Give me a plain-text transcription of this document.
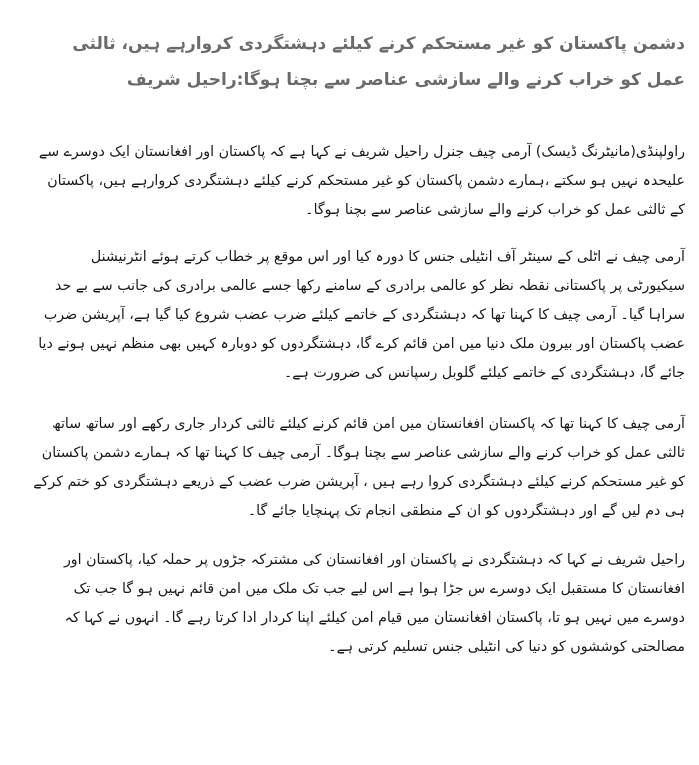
دشمن پاکستان کو غیر مستحکم کرنے کیلئے دہشتگردی کروارہے ہیں، ثالثی عمل کو خراب کرنے والے سازشی عناصر سے بچنا ہوگا:راحیل شریف

راولپنڈی(مانیٹرنگ ڈیسک) آرمی چیف جنرل راحیل شریف نے کہا ہے کہ پاکستان اور افغانستان ایک دوسرے سے علیحدہ نہیں ہو سکتے ،ہمارے دشمن پاکستان کو غیر مستحکم کرنے کیلئے دہشتگردی کروارہے ہیں، پاکستان کے ثالثی عمل کو خراب کرنے والے سازشی عناصر سے بچنا ہوگا۔

آرمی چیف نے اٹلی کے سینٹر آف انٹیلی جنس کا دورہ کیا اور اس موقع پر خطاب کرتے ہوئے انٹرنیشنل سیکیورٹی پر پاکستانی نقطہ نظر کو عالمی برادری کے سامنے رکھا جسے عالمی برادری کی جانب سے بے حد سراہا گیا۔ آرمی چیف کا کہنا تھا کہ دہشتگردی کے خاتمے کیلئے ضرب عضب شروع کیا گیا ہے، آپریشن ضرب عضب پاکستان اور بیرون ملک دنیا میں امن قائم کرے گا، دہشتگردوں کو دوبارہ کہیں بھی منظم نہیں ہونے دیا جائے گا، دہشتگردی کے خاتمے کیلئے گلوبل رسپانس کی ضرورت ہے۔

آرمی چیف کا کہنا تھا کہ پاکستان افغانستان میں امن قائم کرنے کیلئے ثالثی کردار جاری رکھے اور ساتھ ساتھ ثالثی عمل کو خراب کرنے والے سازشی عناصر سے بچنا ہوگا۔ آرمی چیف کا کہنا تھا کہ ہمارے دشمن پاکستان کو غیر مستحکم کرنے کیلئے دہشتگردی کروا رہے ہیں ، آپریشن ضرب عضب کے ذریعے دہشتگردی کو ختم کرکے ہی دم لیں گے اور دہشتگردوں کو ان کے منطقی انجام تک پہنچایا جائے گا۔

راحیل شریف نے کہا کہ دہشتگردی نے پاکستان اور افغانستان کی مشترکہ جڑوں پر حملہ کیا، پاکستان اور افغانستان کا مستقبل ایک دوسرے س جڑا ہوا ہے اس لیے جب تک ملک میں امن قائم نہیں ہو گا جب تک دوسرے میں نہیں ہو تا، پاکستان افغانستان میں قیام امن کیلئے اپنا کردار ادا کرتا رہے گا۔ انہوں نے کہا کہ مصالحتی کوششوں کو دنیا کی انٹیلی جنس تسلیم کرتی ہے۔
